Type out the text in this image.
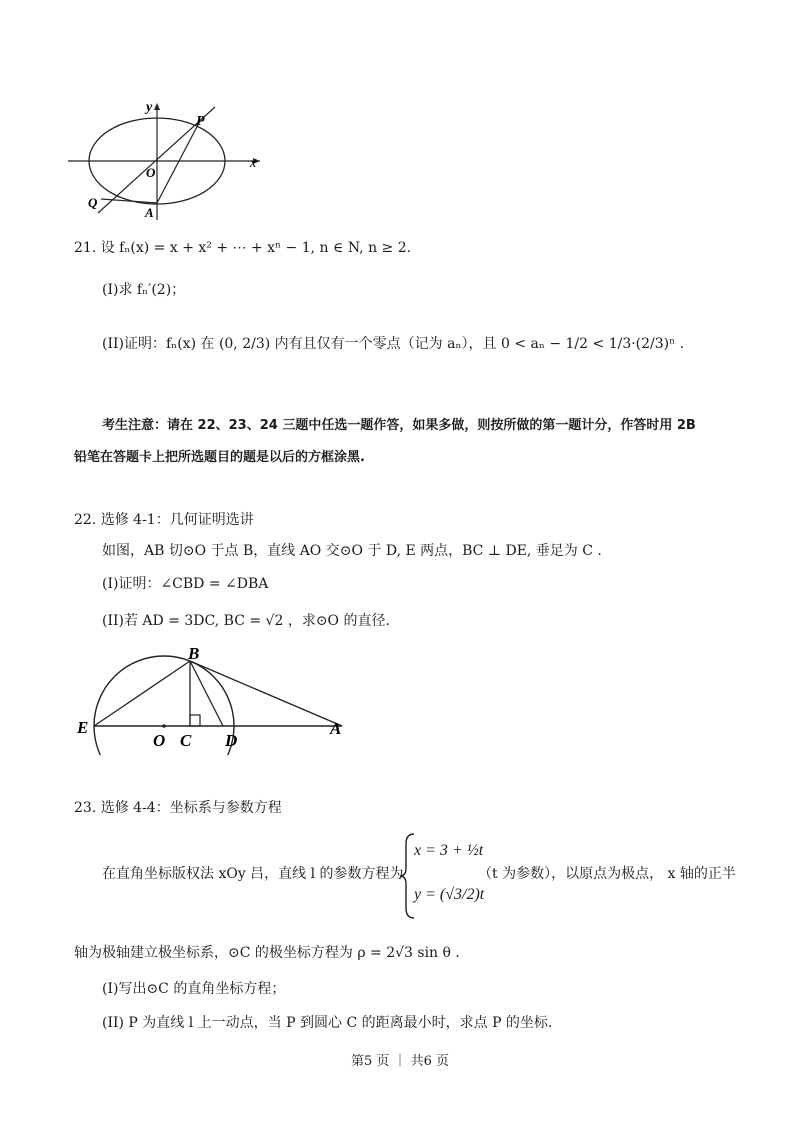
y
x
P
O
Q
A
21. 设 fₙ(x) = x + x² + ⋯ + xⁿ − 1, n ∈ N, n ≥ 2.
(I)求 fₙ′(2)；
(II)证明：fₙ(x) 在 (0, 2/3) 内有且仅有一个零点（记为 aₙ），且 0 < aₙ − 1/2 < 1/3·(2/3)ⁿ .
考生注意：请在 22、23、24 三题中任选一题作答，如果多做，则按所做的第一题计分，作答时用 2B
铅笔在答题卡上把所选题目的题是以后的方框涂黑.
22. 选修 4-1：几何证明选讲
如图，AB 切⊙O 于点 B，直线 AO 交⊙O 于 D, E 两点，BC ⊥ DE, 垂足为 C .
(I)证明：∠CBD = ∠DBA
(II)若 AD = 3DC, BC = √2 ，求⊙O 的直径.
B
E
O C D
A
23. 选修 4-4：坐标系与参数方程
在直角坐标版权法 xOy 吕，直线 l 的参数方程为
x = 3 + ½t
y = (√3/2)t
（t 为参数），以原点为极点， x 轴的正半
轴为极轴建立极坐标系，⊙C 的极坐标方程为 ρ = 2√3 sin θ .
(I)写出⊙C 的直角坐标方程；
(II) P 为直线 l 上一动点，当 P 到圆心 C 的距离最小时，求点 P 的坐标.
第5 页 ｜ 共6 页
